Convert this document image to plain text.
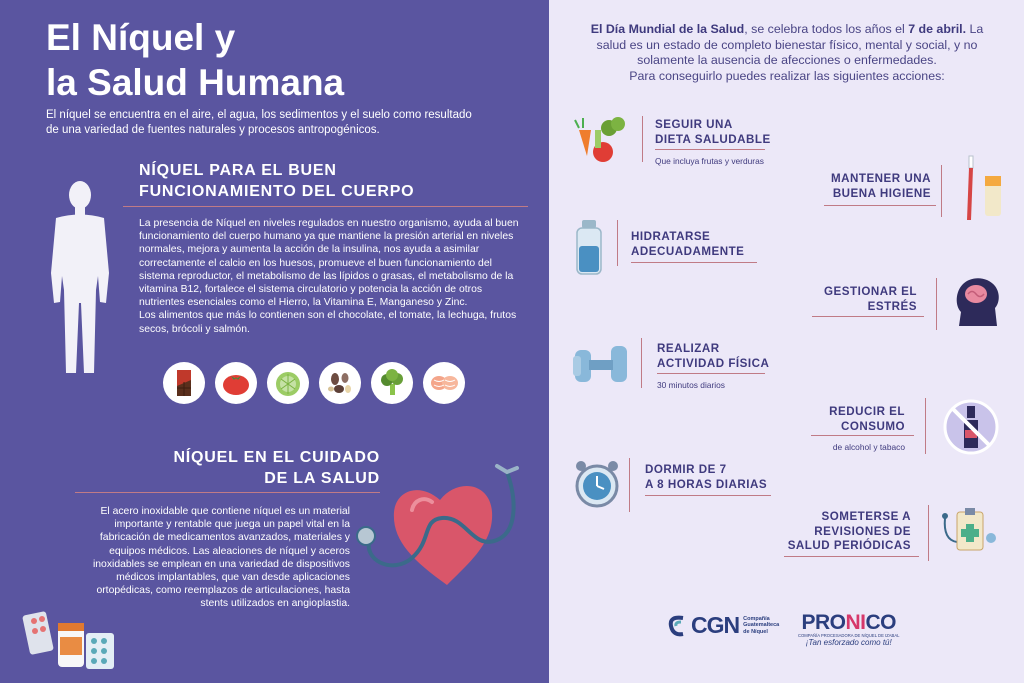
El Níquel y
la Salud Humana
El níquel se encuentra en el aire, el agua, los sedimentos y el suelo como resultado de una variedad de fuentes naturales y procesos antropogénicos.
NÍQUEL PARA EL BUEN
FUNCIONAMIENTO DEL CUERPO
La presencia de Níquel en niveles regulados en nuestro organismo, ayuda al buen funcionamiento del cuerpo humano ya que mantiene la presión arterial en niveles normales, mejora y aumenta la acción de la insulina, nos ayuda a asimilar correctamente el calcio en los huesos, promueve el buen funcionamiento del sistema reproductor, el metabolismo de las lípidos o grasas, el metabolismo de la vitamina B12, fortalece el sistema circulatorio y potencia la acción de otros nutrientes esenciales como el Hierro, la Vitamina E, Manganeso y Zinc.
Los alimentos que más lo contienen son el chocolate, el tomate, la lechuga, frutos secos, brócoli y salmón.
NÍQUEL EN EL CUIDADO
DE LA SALUD
El acero inoxidable que contiene níquel es un material importante y rentable que juega un papel vital en la fabricación de medicamentos avanzados, materiales y equipos médicos. Las aleaciones de níquel y aceros inoxidables se emplean en una variedad de dispositivos médicos implantables, que van desde aplicaciones ortopédicas, como reemplazos de articulaciones, hasta stents utilizados en angioplastia.
El Día Mundial de la Salud, se celebra todos los años el 7 de abril. La salud es un estado de completo bienestar físico, mental y social, y no solamente la ausencia de afecciones o enfermedades.
Para conseguirlo puedes realizar las siguientes acciones:
SEGUIR UNA
DIETA SALUDABLE
Que incluya frutas y verduras
MANTENER UNA
BUENA HIGIENE
HIDRATARSE
ADECUADAMENTE
GESTIONAR EL
ESTRÉS
REALIZAR
ACTIVIDAD FÍSICA
30 minutos diarios
REDUCIR EL
CONSUMO
de alcohol y tabaco
DORMIR DE 7
A 8 HORAS DIARIAS
SOMETERSE A
REVISIONES DE
SALUD PERIÓDICAS
CGN Compañía
Guatemalteca
de Níquel	PRONICO
COMPAÑÍA PROCESADORA DE NÍQUEL DE IZABAL
¡Tan esforzado como tú!
